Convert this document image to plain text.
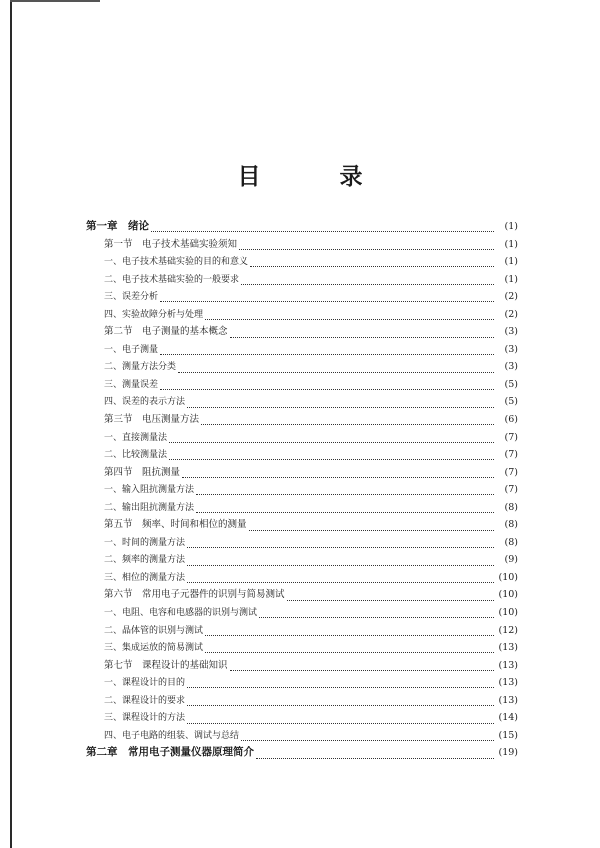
目　录
第一章　绪论	(1)
第一节　电子技术基础实验须知	(1)
一、电子技术基础实验的目的和意义	(1)
二、电子技术基础实验的一般要求	(1)
三、误差分析	(2)
四、实验故障分析与处理	(2)
第二节　电子测量的基本概念	(3)
一、电子测量	(3)
二、测量方法分类	(3)
三、测量误差	(5)
四、误差的表示方法	(5)
第三节　电压测量方法	(6)
一、直接测量法	(7)
二、比较测量法	(7)
第四节　阻抗测量	(7)
一、输入阻抗测量方法	(7)
二、输出阻抗测量方法	(8)
第五节　频率、时间和相位的测量	(8)
一、时间的测量方法	(8)
二、频率的测量方法	(9)
三、相位的测量方法	(10)
第六节　常用电子元器件的识别与简易测试	(10)
一、电阻、电容和电感器的识别与测试	(10)
二、晶体管的识别与测试	(12)
三、集成运放的简易测试	(13)
第七节　课程设计的基础知识	(13)
一、课程设计的目的	(13)
二、课程设计的要求	(13)
三、课程设计的方法	(14)
四、电子电路的组装、调试与总结	(15)
第二章　常用电子测量仪器原理简介	(19)
